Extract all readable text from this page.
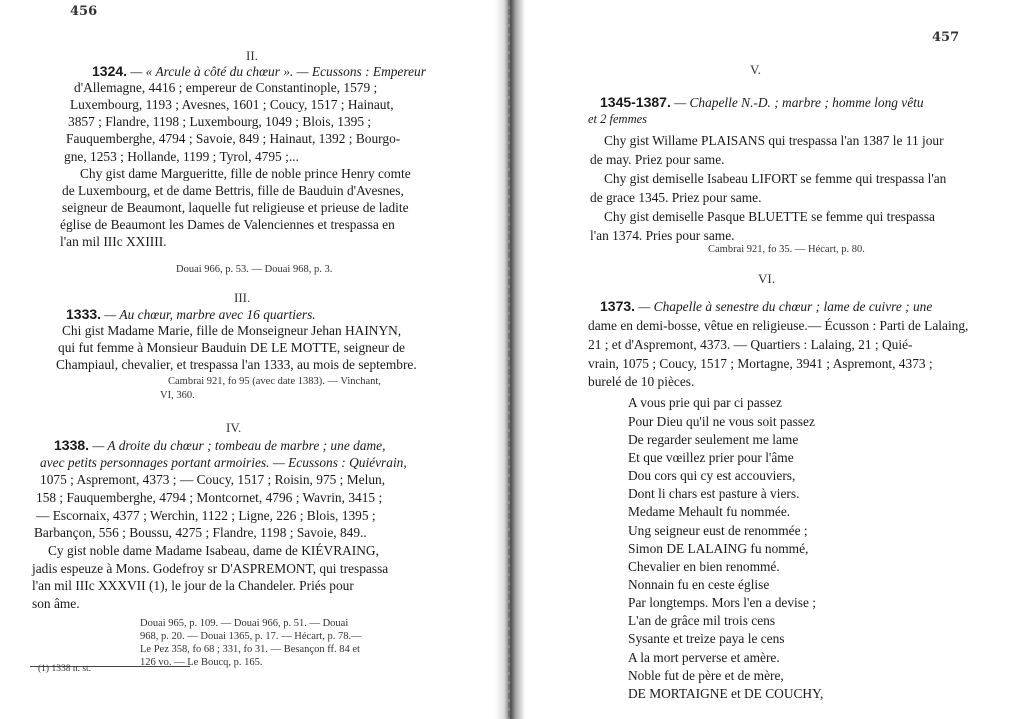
456
II.
1324. — « Arcule à côté du chœur ». — Ecussons : Empereur
d'Allemagne, 4416 ; empereur de Constantinople, 1579 ;
Luxembourg, 1193 ; Avesnes, 1601 ; Coucy, 1517 ; Hainaut,
3857 ; Flandre, 1198 ; Luxembourg, 1049 ; Blois, 1395 ;
Fauquemberghe, 4794 ; Savoie, 849 ; Hainaut, 1392 ; Bourgo-
gne, 1253 ; Hollande, 1199 ; Tyrol, 4795 ;...
Chy gist dame Margueritte, fille de noble prince Henry comte
de Luxembourg, et de dame Bettris, fille de Bauduin d'Avesnes,
seigneur de Beaumont, laquelle fut religieuse et prieuse de ladite
église de Beaumont les Dames de Valenciennes et trespassa en
l'an mil IIIc XXIIII.
Douai 966, p. 53. — Douai 968, p. 3.
III.
1333. — Au chœur, marbre avec 16 quartiers.
Chi gist Madame Marie, fille de Monseigneur Jehan HAINYN,
qui fut femme à Monsieur Bauduin DE LE MOTTE, seigneur de
Champiaul, chevalier, et trespassa l'an 1333, au mois de septembre.
Cambrai 921, fo 95 (avec date 1383). — Vinchant,
VI, 360.
IV.
1338. — A droite du chœur ; tombeau de marbre ; une dame,
avec petits personnages portant armoiries. — Ecussons : Quiévrain,
1075 ; Aspremont, 4373 ; — Coucy, 1517 ; Roisin, 975 ; Melun,
158 ; Fauquemberghe, 4794 ; Montcornet, 4796 ; Wavrin, 3415 ;
— Escornaix, 4377 ; Werchin, 1122 ; Ligne, 226 ; Blois, 1395 ;
Barbançon, 556 ; Boussu, 4275 ; Flandre, 1198 ; Savoie, 849..
Cy gist noble dame Madame Isabeau, dame de KIÉVRAING,
jadis espeuze à Mons. Godefroy sr D'ASPREMONT, qui trespassa
l'an mil IIIc XXXVII (1), le jour de la Chandeler. Priés pour
son âme.
Douai 965, p. 109. — Douai 966, p. 51. — Douai
968, p. 20. — Douai 1365, p. 17. — Hécart, p. 78.—
Le Pez 358, fo 68 ; 331, fo 31. — Besançon ff. 84 et
126 vo. — Le Boucq, p. 165.
(1) 1338 n. st.
457
V.
1345-1387. — Chapelle N.-D. ; marbre ; homme long vêtu
et 2 femmes
Chy gist Willame PLAISANS qui trespassa l'an 1387 le 11 jour
de may. Priez pour same.
Chy gist demiselle Isabeau LIFORT se femme qui trespassa l'an
de grace 1345. Priez pour same.
Chy gist demiselle Pasque BLUETTE se femme qui trespassa
l'an 1374. Pries pour same.
Cambrai 921, fo 35. — Hécart, p. 80.
VI.
1373. — Chapelle à senestre du chœur ; lame de cuivre ; une
dame en demi-bosse, vêtue en religieuse.— Écusson : Parti de Lalaing,
21 ; et d'Aspremont, 4373. — Quartiers : Lalaing, 21 ; Quié-
vrain, 1075 ; Coucy, 1517 ; Mortagne, 3941 ; Aspremont, 4373 ;
burelé de 10 pièces.
A vous prie qui par ci passez
Pour Dieu qu'il ne vous soit passez
De regarder seulement me lame
Et que vœillez prier pour l'âme
Dou cors qui cy est accouviers,
Dont li chars est pasture à viers.
Medame Mehault fu nommée.
Ung seigneur eust de renommée ;
Simon DE LALAING fu nommé,
Chevalier en bien renommé.
Nonnain fu en ceste église
Par longtemps. Mors l'en a devise ;
L'an de grâce mil trois cens
Sysante et treize paya le cens
A la mort perverse et amère.
Noble fut de père et de mère,
DE MORTAIGNE et DE COUCHY,
